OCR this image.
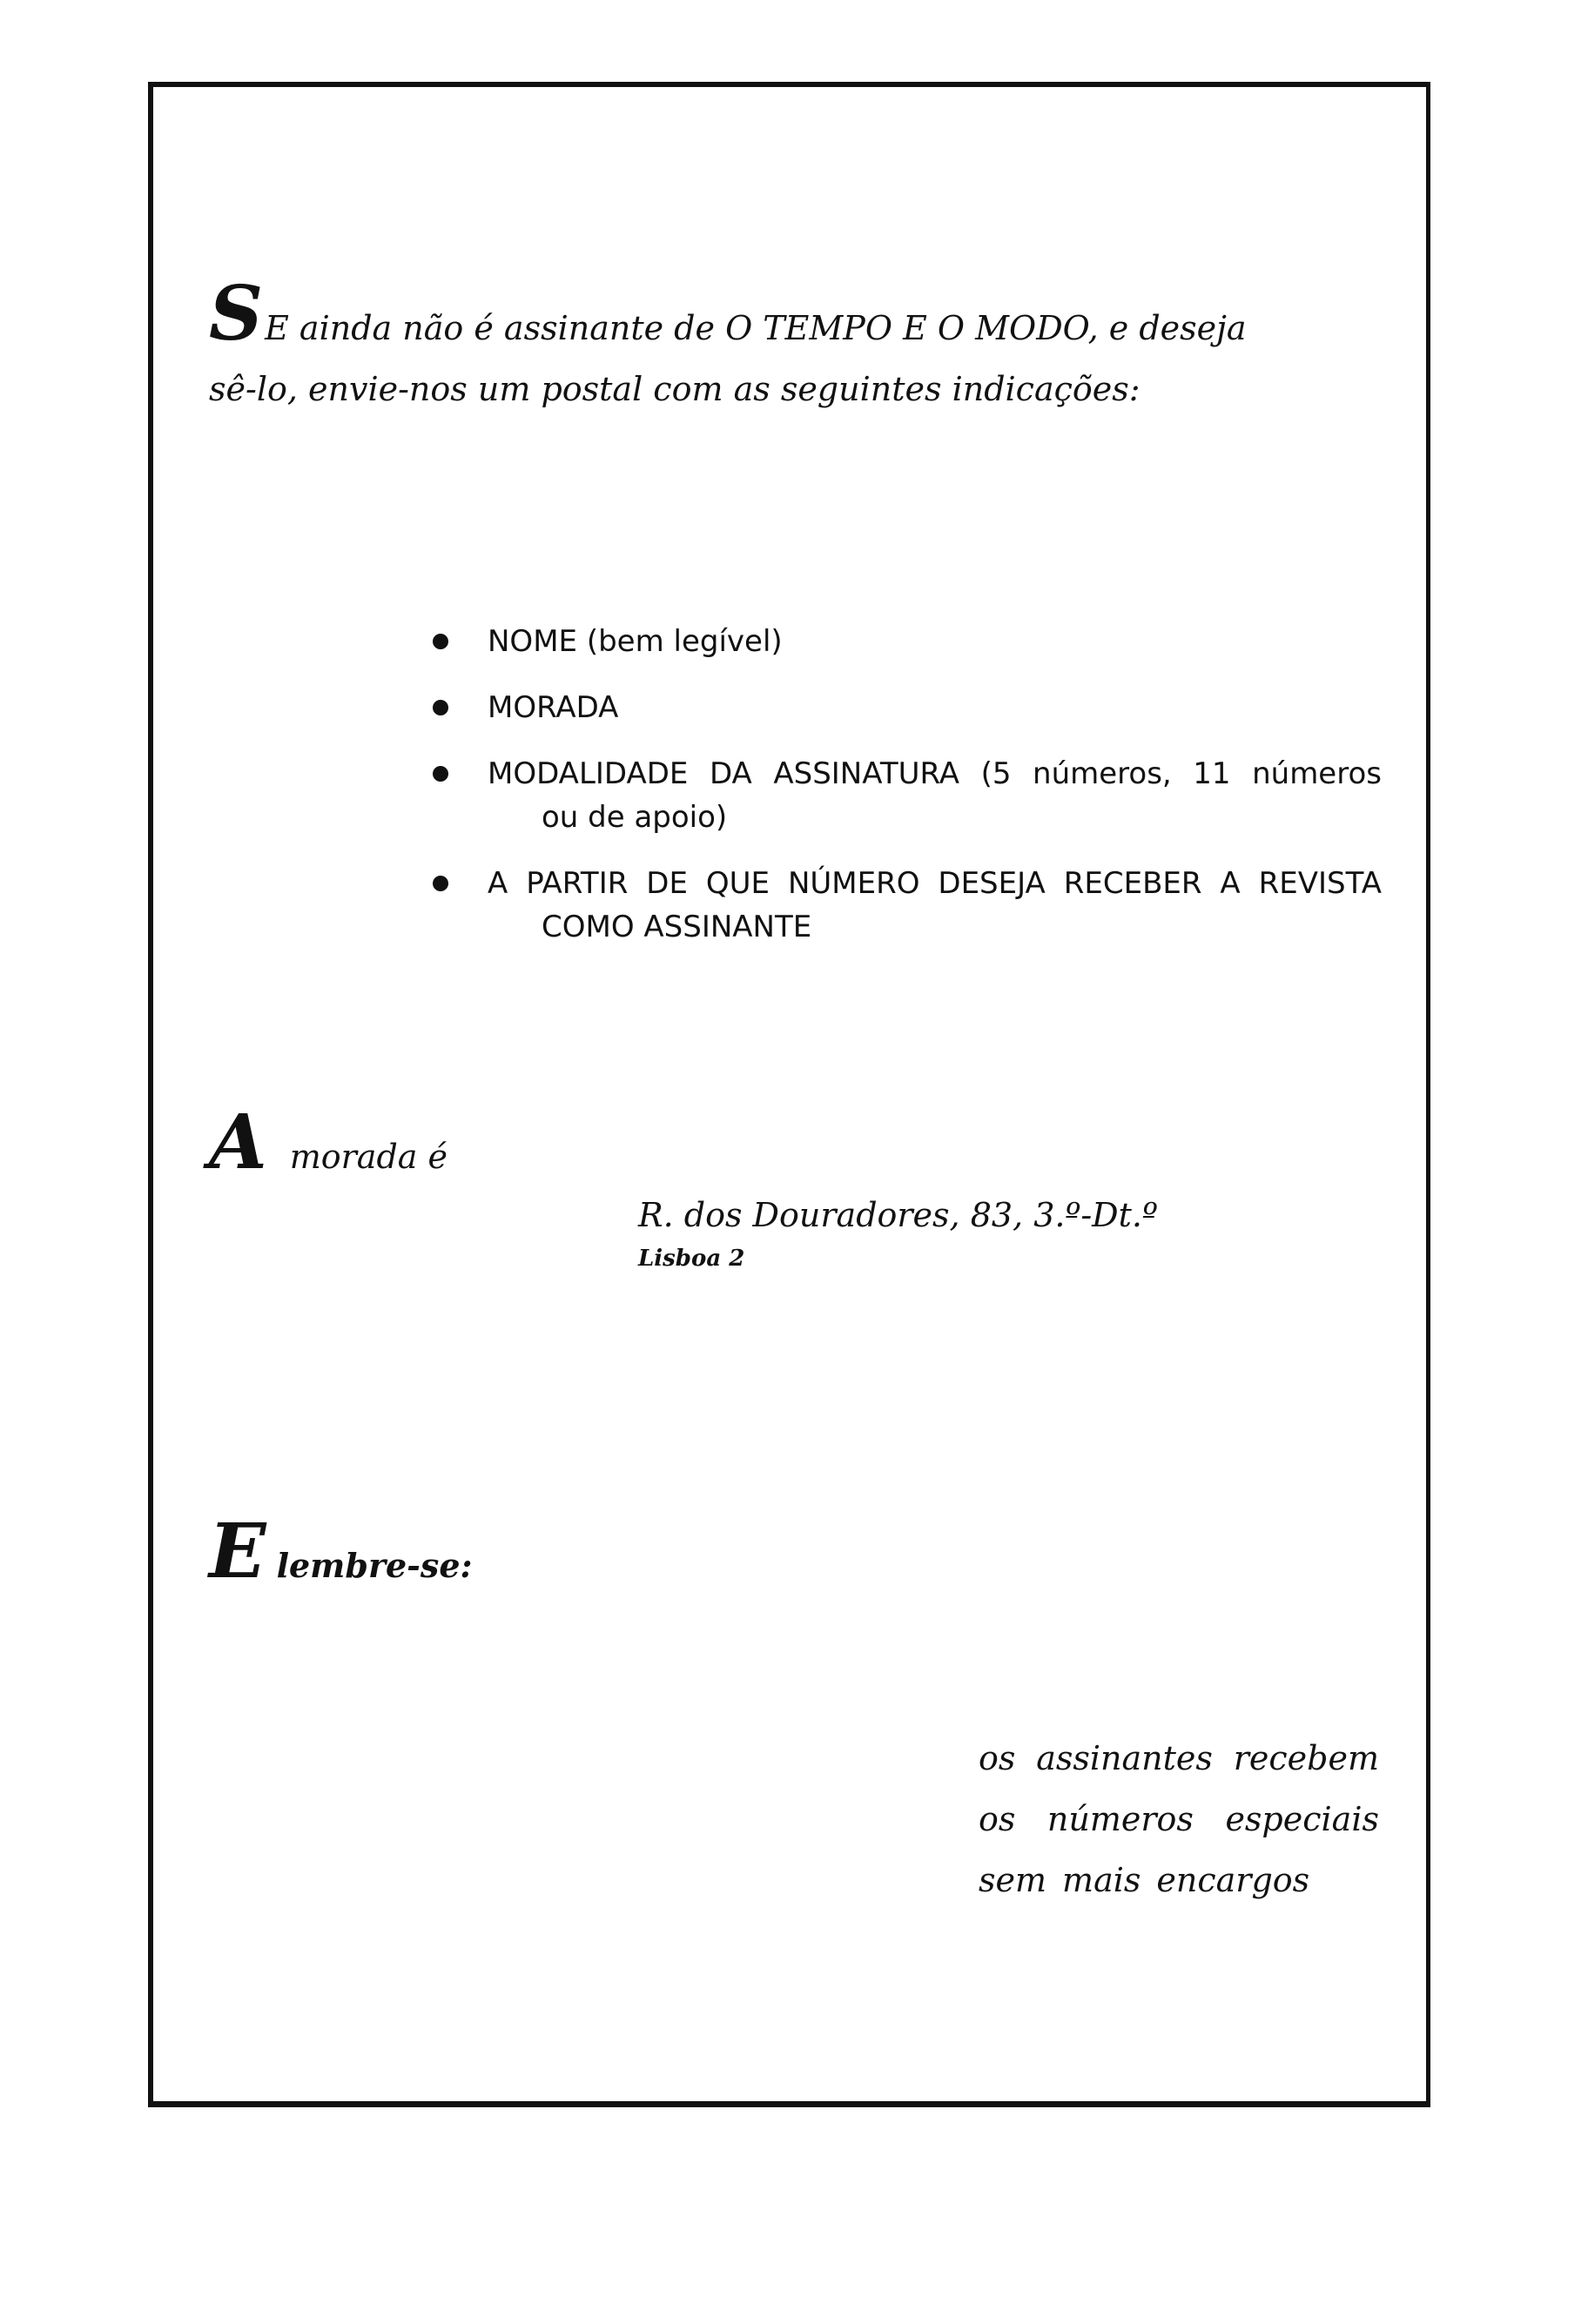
SE ainda não é assinante de O TEMPO E O MODO, e deseja
sê-lo, envie-nos um postal com as seguintes indicações:
NOME (bem legível)
MORADA
MODALIDADE DA ASSINATURA (5 números, 11 números
ou de apoio)
A PARTIR DE QUE NÚMERO DESEJA RECEBER A REVISTA
COMO ASSINANTE
Amorada é
R. dos Douradores, 83, 3.º-Dt.º
Lisboa 2
Elembre-se:
os assinantes recebem
os números especiais
sem mais encargos
